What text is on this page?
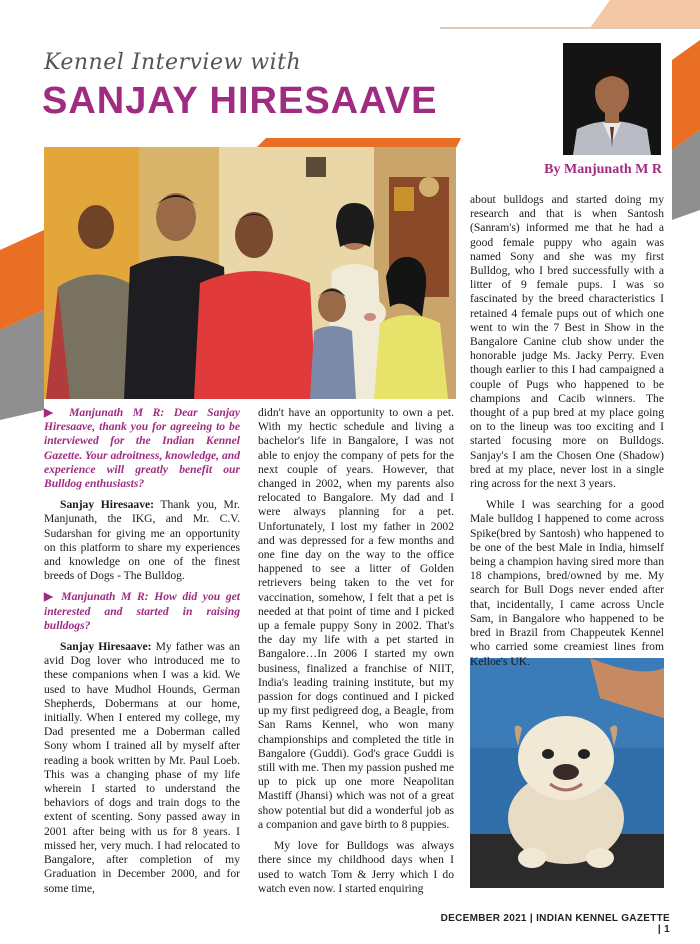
Kennel Interview with
SANJAY HIRESAAVE
By Manjunath M R

▶ Manjunath M R: Dear Sanjay Hiresaave, thank you for agreeing to be interviewed for the Indian Kennel Gazette. Your adroitness, knowledge, and experience will greatly benefit our Bulldog enthusiasts?

Sanjay Hiresaave: Thank you, Mr. Manjunath, the IKG, and Mr. C.V. Sudarshan for giving me an opportunity on this platform to share my experiences and knowledge on one of the finest breeds of Dogs - The Bulldog.

▶ Manjunath M R: How did you get interested and started in raising bulldogs?

Sanjay Hiresaave: My father was an avid Dog lover who introduced me to these companions when I was a kid. We used to have Mudhol Hounds, German Shepherds, Dobermans at our home, initially. When I entered my college, my Dad presented me a Doberman called Sony whom I trained all by myself after reading a book written by Mr. Paul Loeb. This was a changing phase of my life wherein I started to understand the behaviors of dogs and train dogs to the extent of scenting. Sony passed away in 2001 after being with us for 8 years. I missed her, very much. I had relocated to Bangalore, after completion of my Graduation in December 2000, and for some time,

didn't have an opportunity to own a pet. With my hectic schedule and living a bachelor's life in Bangalore, I was not able to enjoy the company of pets for the next couple of years. However, that changed in 2002, when my parents also relocated to Bangalore. My dad and I were always planning for a pet. Unfortunately, I lost my father in 2002 and was depressed for a few months and one fine day on the way to the office happened to see a litter of Golden retrievers being taken to the vet for vaccination, somehow, I felt that a pet is needed at that point of time and I picked up a female puppy Sony in 2002. That's the day my life with a pet started in Bangalore…In 2006 I started my own business, finalized a franchise of NIIT, India's leading training institute, but my passion for dogs continued and I picked up my first pedigreed dog, a Beagle, from San Rams Kennel, who won many championships and completed the title in Bangalore (Guddi). God's grace Guddi is still with me. Then my passion pushed me up to pick up one more Neapolitan Mastiff (Jhansi) which was not of a great show potential but did a wonderful job as a companion and gave birth to 8 puppies.

My love for Bulldogs was always there since my childhood days when I used to watch Tom & Jerry which I do watch even now. I started enquiring

about bulldogs and started doing my research and that is when Santosh (Sanram's) informed me that he had a good female puppy who again was named Sony and she was my first Bulldog, who I bred successfully with a litter of 9 female pups. I was so fascinated by the breed characteristics I retained 4 female pups out of which one went to win the 7 Best in Show in the Bangalore Canine club show under the honorable judge Ms. Jacky Perry. Even though earlier to this I had campaigned a couple of Pugs who happened to be champions and Cacib winners. The thought of a pup bred at my place going on to the lineup was too exciting and I started focusing more on Bulldogs. Sanjay's I am the Chosen One (Shadow) bred at my place, never lost in a single ring across for the next 3 years.

While I was searching for a good Male bulldog I happened to come across Spike(bred by Santosh) who happened to be one of the best Male in India, himself being a champion having sired more than 18 champions, bred/owned by me. My search for Bull Dogs never ended after that, incidentally, I came across Uncle Sam, in Bangalore who happened to be bred in Brazil from Chappeutek Kennel who carried some creamiest lines from Kelloe's UK.

DECEMBER 2021 | INDIAN KENNEL GAZETTE | 1
